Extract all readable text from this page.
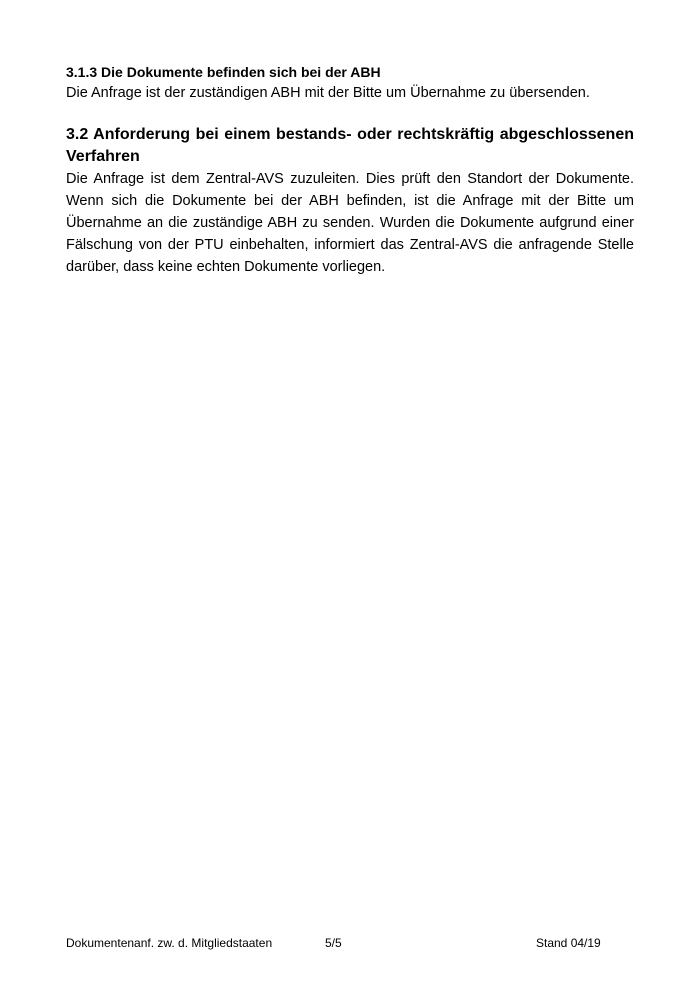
3.1.3 Die Dokumente befinden sich bei der ABH

Die Anfrage ist der zuständigen ABH mit der Bitte um Übernahme zu übersenden.

3.2 Anforderung bei einem bestands- oder rechtskräftig abgeschlossenen Verfahren

Die Anfrage ist dem Zentral-AVS zuzuleiten. Dies prüft den Standort der Dokumente. Wenn sich die Dokumente bei der ABH befinden, ist die Anfrage mit der Bitte um Übernahme an die zuständige ABH zu senden. Wurden die Dokumente aufgrund einer Fälschung von der PTU einbehalten, informiert das Zentral-AVS die anfragende Stelle darüber, dass keine echten Dokumente vorliegen.

Dokumentenanf. zw. d. Mitgliedstaaten	5/5	Stand 04/19
